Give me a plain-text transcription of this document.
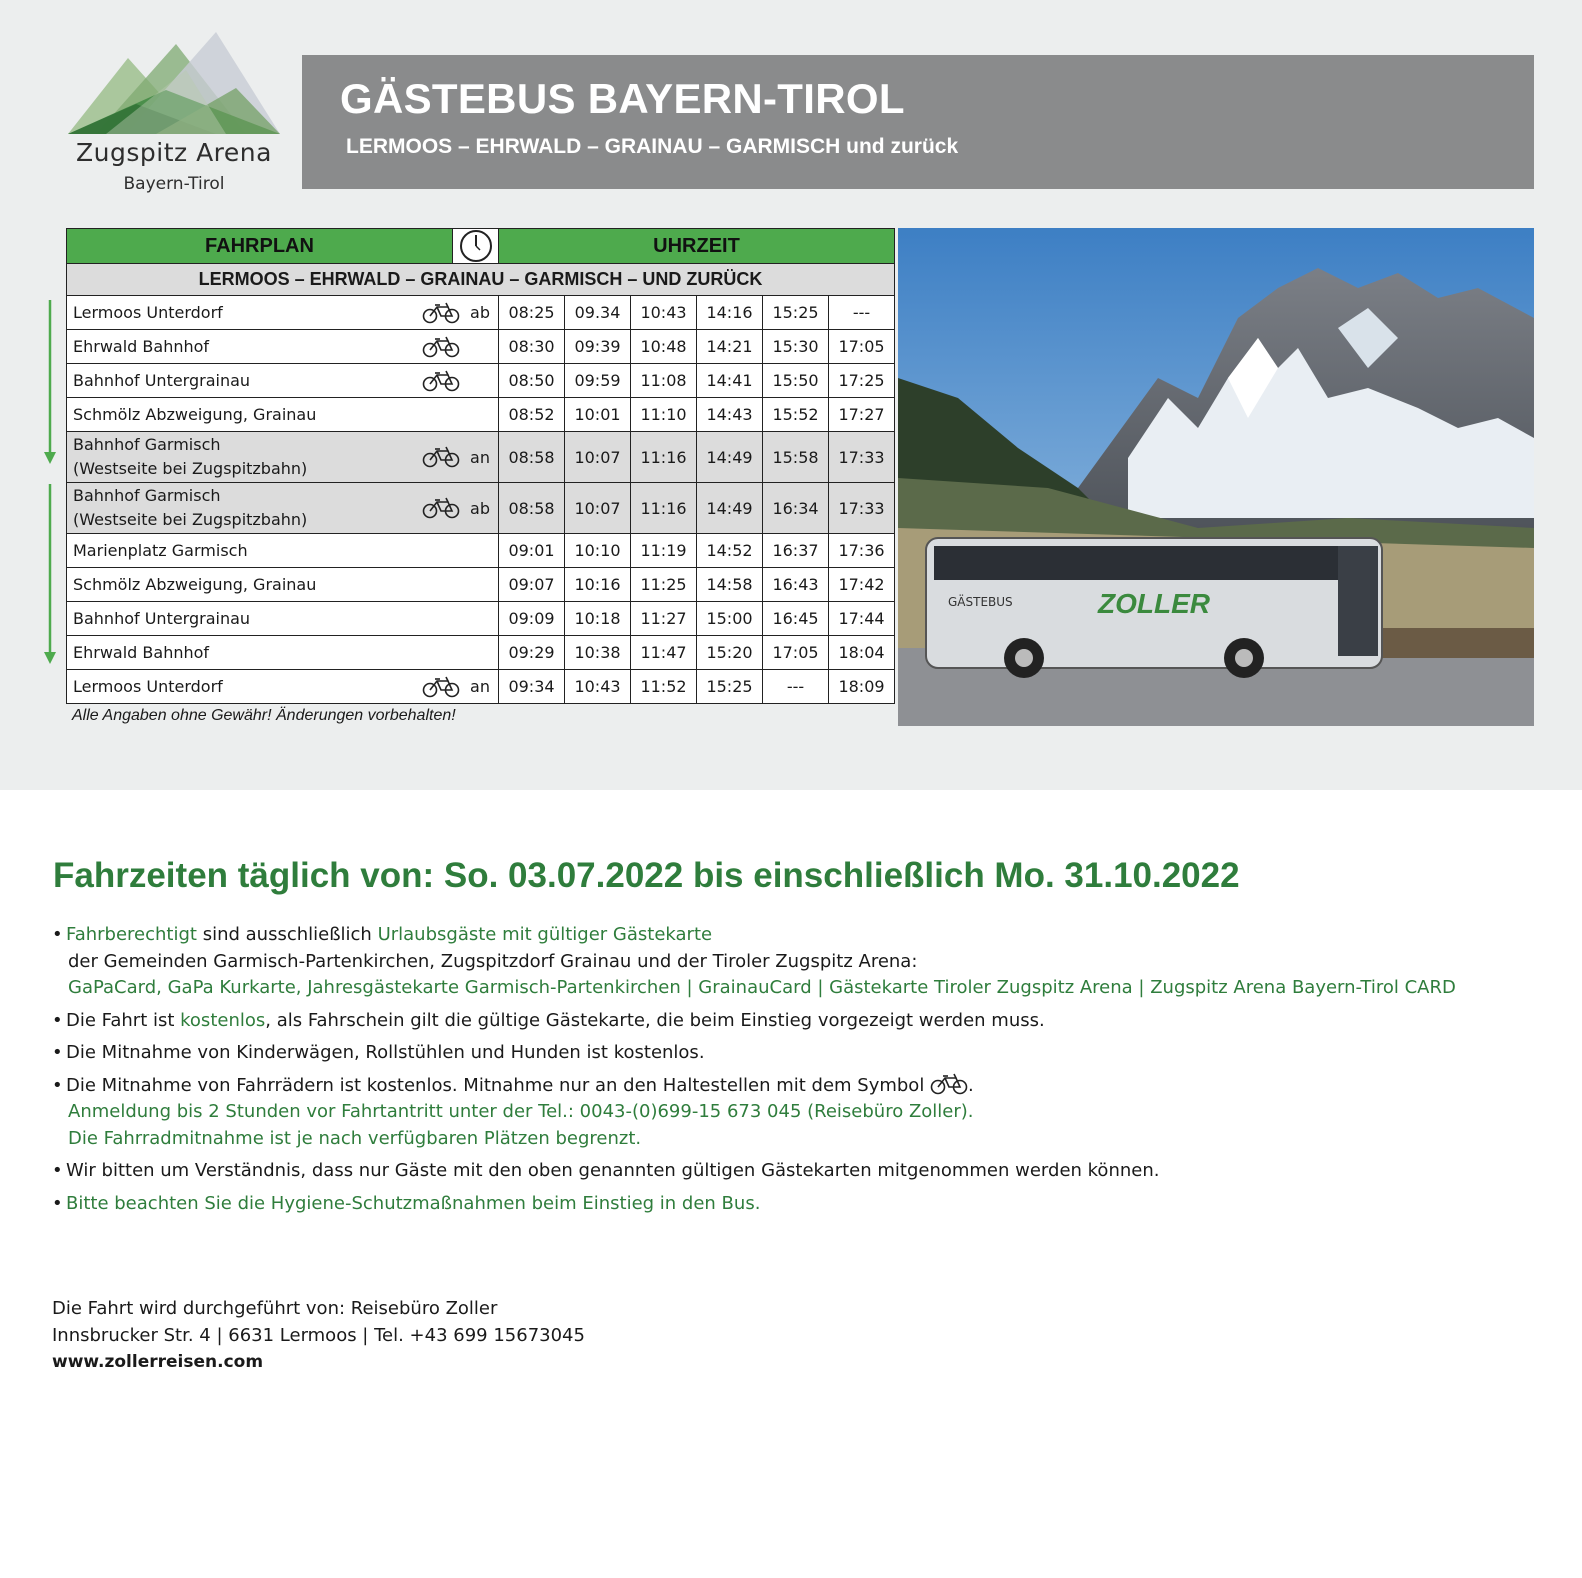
Zugspitz Arena
Bayern-Tirol
GÄSTEBUS BAYERN-TIROL
LERMOOS – EHRWALD – GRAINAU – GARMISCH und zurück
FAHRPLAN		UHRZEIT					
LERMOOS – EHRWALD – GRAINAU – GARMISCH – UND ZURÜCK							

Lermoos Unterdorf ab		08:25	09.34	10:43	14:16	15:25	---

Ehrwald Bahnhof		08:30	09:39	10:48	14:21	15:30	17:05

Bahnhof Untergrainau		08:50	09:59	11:08	14:41	15:50	17:25

Schmölz Abzweigung, Grainau		08:52	10:01	11:10	14:43	15:52	17:27

Bahnhof Garmisch
(Westseite bei Zugspitzbahn)
an		08:58	10:07	11:16	14:49	15:58	17:33

Bahnhof Garmisch
(Westseite bei Zugspitzbahn)
ab		08:58	10:07	11:16	14:49	16:34	17:33

Marienplatz Garmisch		09:01	10:10	11:19	14:52	16:37	17:36

Schmölz Abzweigung, Grainau		09:07	10:16	11:25	14:58	16:43	17:42

Bahnhof Untergrainau		09:09	10:18	11:27	15:00	16:45	17:44

Ehrwald Bahnhof		09:29	10:38	11:47	15:20	17:05	18:04

Lermoos Unterdorf an		09:34	10:43	11:52	15:25	---	18:09
Alle Angaben ohne Gewähr! Änderungen vorbehalten!
GÄSTEBUS	ZOLLER
Fahrzeiten täglich von: So. 03.07.2022 bis einschließlich Mo. 31.10.2022
• Fahrberechtigt sind ausschließlich Urlaubsgäste mit gültiger Gästekarte
der Gemeinden Garmisch-Partenkirchen, Zugspitzdorf Grainau und der Tiroler Zugspitz Arena:
GaPaCard, GaPa Kurkarte, Jahresgästekarte Garmisch-Partenkirchen | GrainauCard | Gästekarte Tiroler Zugspitz Arena | Zugspitz Arena Bayern-Tirol CARD
• Die Fahrt ist kostenlos, als Fahrschein gilt die gültige Gästekarte, die beim Einstieg vorgezeigt werden muss.
• Die Mitnahme von Kinderwägen, Rollstühlen und Hunden ist kostenlos.
• Die Mitnahme von Fahrrädern ist kostenlos. Mitnahme nur an den Haltestellen mit dem Symbol .
Anmeldung bis 2 Stunden vor Fahrtantritt unter der Tel.: 0043-(0)699-15 673 045 (Reisebüro Zoller).
Die Fahrradmitnahme ist je nach verfügbaren Plätzen begrenzt.
• Wir bitten um Verständnis, dass nur Gäste mit den oben genannten gültigen Gästekarten mitgenommen werden können.
• Bitte beachten Sie die Hygiene-Schutzmaßnahmen beim Einstieg in den Bus.
Die Fahrt wird durchgeführt von: Reisebüro Zoller
Innsbrucker Str. 4 | 6631 Lermoos | Tel. +43 699 15673045
www.zollerreisen.com
